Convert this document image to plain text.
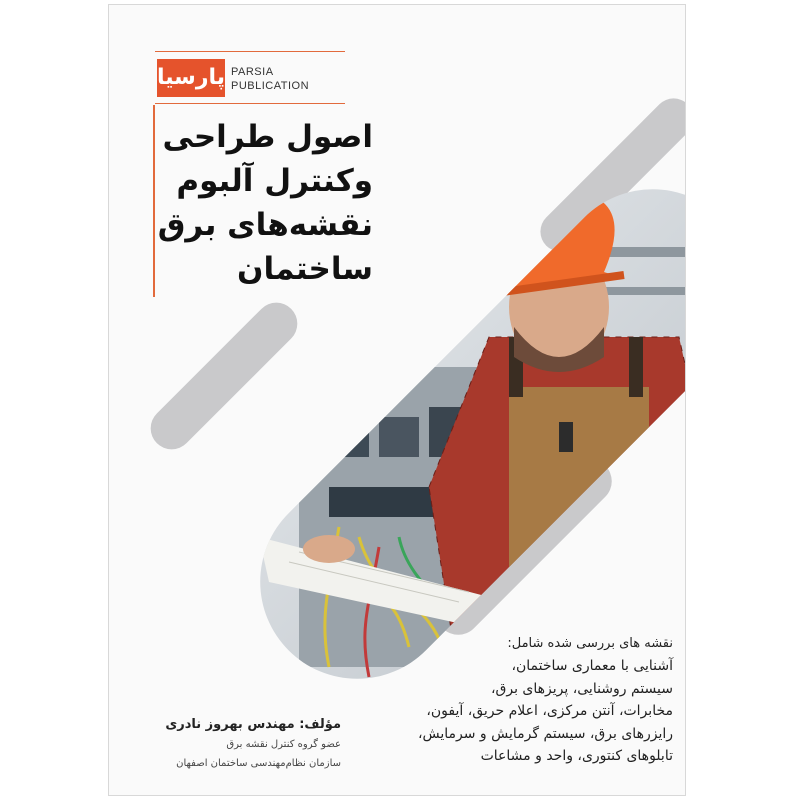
پارسیا PARSIA
PUBLICATION
اصول طراحی
وکنترل آلبوم
نقشه‌های برق
ساختمان
مؤلف: مهندس بهروز نادری
عضو گروه کنترل نقشه برق
سازمان نظام‌مهندسی ساختمان اصفهان
نقشه های بررسی شده شامل:
آشنایی با معماری ساختمان،
سیستم روشنایی، پریزهای برق،
مخابرات، آنتن مرکزی، اعلام حریق، آیفون،
رایزرهای برق، سیستم گرمایش و سرمایش،
تابلوهای کنتوری، واحد و مشاعات
